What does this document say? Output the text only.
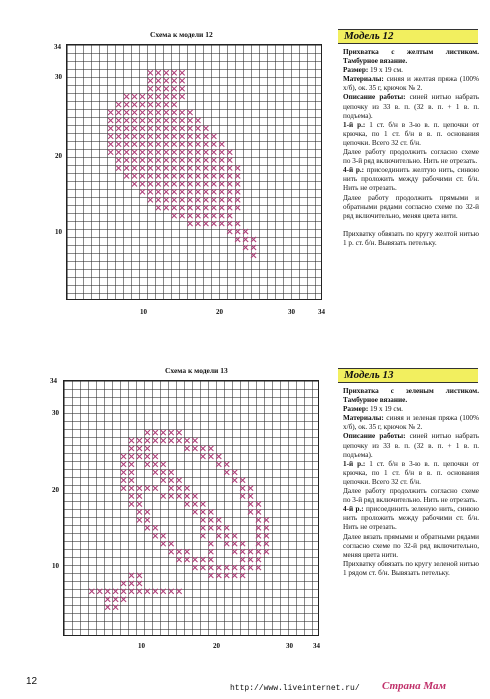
Схема к модели 12
34
30
20
10
10	20	30	34
Схема к модели 13
34
30
20
10
10	20	30	34
Модель 12

Прихватка с желтым листиком. Тамбурное вязание.

Размер: 19 х 19 см.

Материалы: синяя и желтая пряжа (100% х/б), ок. 35 г, крючок № 2.

Описание работы: синей нитью набрать цепочку из 33 в. п. (32 в. п. + 1 в. п. подъема).

1-й р.: 1 ст. б/н в 3-ю в. п. цепочки от крючка, по 1 ст. б/н в в. п. основания цепочки. Всего 32 ст. б/н.

Далее работу продолжить согласно схеме по 3-й ряд включительно. Нить не отрезать.

4-й р.: присоединить желтую нить, синюю нить проложить между рабочими ст. б/н. Нить не отрезать.

Далее работу продолжить прямыми и обратными рядами согласно схеме по 32-й ряд включительно, меняя цвета нити.

Прихватку обвязать по кругу желтой нитью 1 р. ст. б/н. Вывязать петельку.

Модель 13

Прихватка с зеленым листиком. Тамбурное вязание.

Размер: 19 х 19 см.

Материалы: синяя и зеленая пряжа (100% х/б), ок. 35 г, крючок № 2.

Описание работы: синей нитью набрать цепочку из 33 в. п. (32 в. п. + 1 в. п. подъема).

1-й р.: 1 ст. б/н в 3-ю в. п. цепочки от крючка, по 1 ст. б/н в в. п. основания цепочки. Всего 32 ст. б/н.

Далее работу продолжить согласно схеме по 3-й ряд включительно. Нить не отрезать.

4-й р.: присоединить зеленую нить, синюю нить проложить между рабочими ст. б/н. Нить не отрезать.

Далее вязать прямыми и обратными рядами согласно схеме по 32-й ряд включительно, меняя цвета нити.

Прихватку обвязать по кругу зеленой нитью 1 рядом ст. б/н. Вывязать петельку.

12
http://www.liveinternet.ru/ Страна Мам
